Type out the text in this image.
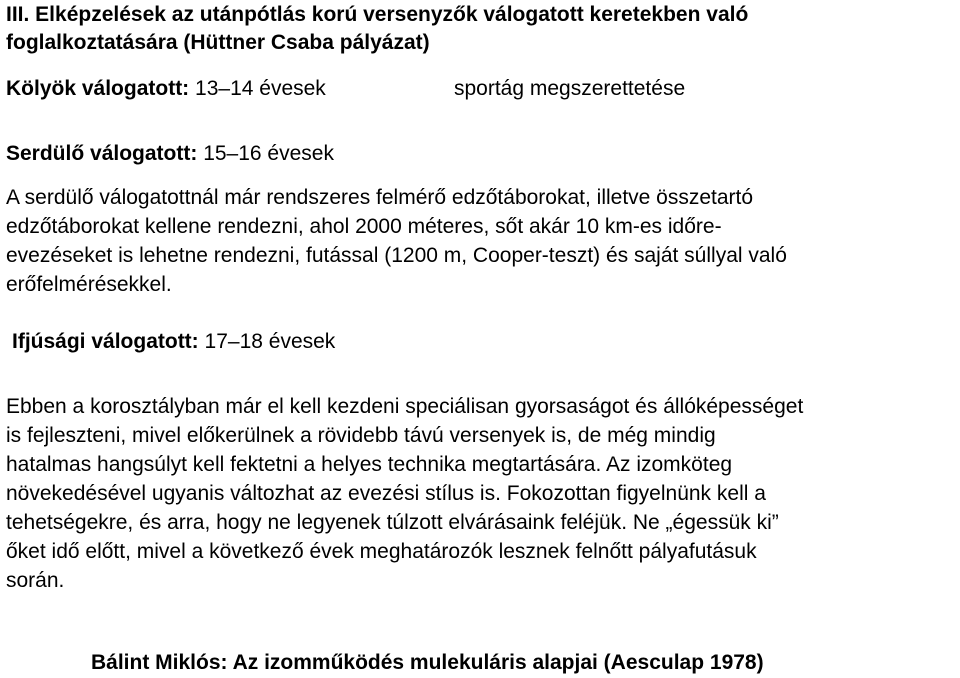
III. Elképzelések az utánpótlás korú versenyzők válogatott keretekben való
foglalkoztatására (Hüttner Csaba pályázat)
Kölyök válogatott: 13–14 évesek	sportág megszerettetése
Serdülő válogatott: 15–16 évesek
A serdülő válogatottnál már rendszeres felmérő edzőtáborokat, illetve összetartó
edzőtáborokat kellene rendezni, ahol 2000 méteres, sőt akár 10 km-es időre-
evezéseket is lehetne rendezni, futással (1200 m, Cooper-teszt) és saját súllyal való
erőfelmérésekkel.
Ifjúsági válogatott: 17–18 évesek
Ebben a korosztályban már el kell kezdeni speciálisan gyorsaságot és állóképességet
is fejleszteni, mivel előkerülnek a rövidebb távú versenyek is, de még mindig
hatalmas hangsúlyt kell fektetni a helyes technika megtartására. Az izomköteg
növekedésével ugyanis változhat az evezési stílus is. Fokozottan figyelnünk kell a
tehetségekre, és arra, hogy ne legyenek túlzott elvárásaink feléjük. Ne „égessük ki”
őket idő előtt, mivel a következő évek meghatározók lesznek felnőtt pályafutásuk
során.
Bálint Miklós: Az izomműködés mulekuláris alapjai (Aesculap 1978)
